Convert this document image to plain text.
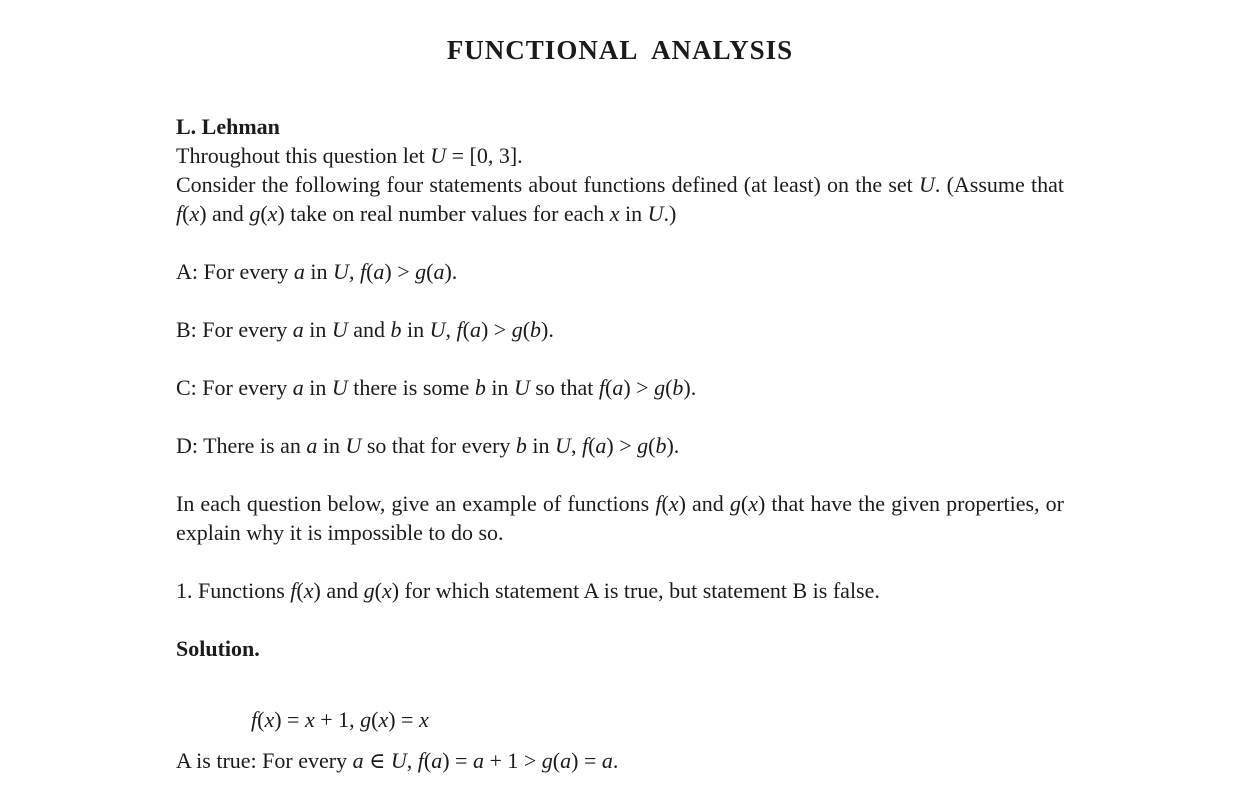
FUNCTIONAL ANALYSIS

L. Lehman

Throughout this question let U = [0, 3].

Consider the following four statements about functions defined (at least) on the set U. (Assume that f(x) and g(x) take on real number values for each x in U.)

A: For every a in U, f(a) > g(a).

B: For every a in U and b in U, f(a) > g(b).

C: For every a in U there is some b in U so that f(a) > g(b).

D: There is an a in U so that for every b in U, f(a) > g(b).

In each question below, give an example of functions f(x) and g(x) that have the given properties, or explain why it is impossible to do so.

1. Functions f(x) and g(x) for which statement A is true, but statement B is false.

Solution.

f(x) = x + 1, g(x) = x

A is true: For every a ∈ U, f(a) = a + 1 > g(a) = a.
